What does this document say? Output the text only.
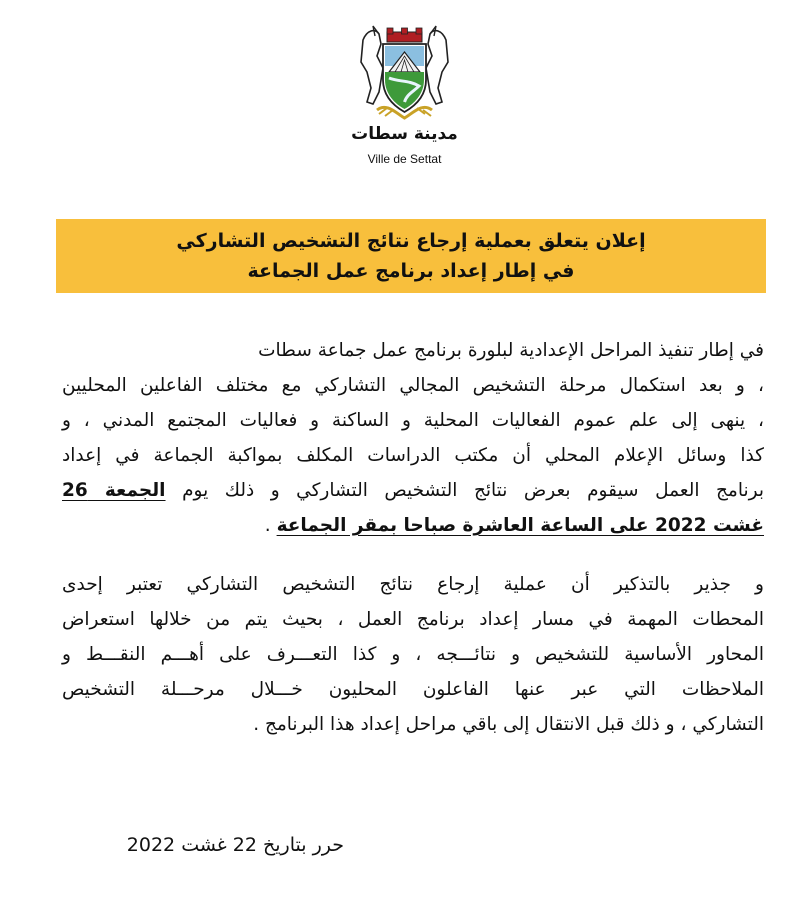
مدينة سطات
Ville de Settat
إعلان يتعلق بعملية إرجاع نتائج التشخيص التشاركي
في إطار إعداد برنامج عمل الجماعة
في إطار تنفيذ المراحل الإعدادية لبلورة برنامج عمل جماعة سطات
، و بعد استكمال مرحلة التشخيص المجالي التشاركي مع مختلف الفاعلين المحليين
، ينهى إلى علم عموم الفعاليات المحلية و الساكنة و فعاليات المجتمع المدني ، و
كذا وسائل الإعلام المحلي أن مكتب الدراسات المكلف بمواكبة الجماعة في إعداد
برنامج العمل سيقوم بعرض نتائج التشخيص التشاركي و ذلك يوم الجمعة 26
غشت 2022 على الساعة العاشرة صباحا بمقر الجماعة .
و جذير بالتذكير أن عملية إرجاع نتائج التشخيص التشاركي تعتبر إحدى
المحطات المهمة في مسار إعداد برنامج العمل ، بحيث يتم من خلالها استعراض
المحاور الأساسية للتشخيص و نتائـــجه ، و كذا التعـــرف على أهـــم النقـــط و
الملاحظات التي عبر عنها الفاعلون المحليون خـــلال مرحـــلة التشخيص
التشاركي ، و ذلك قبل الانتقال إلى باقي مراحل إعداد هذا البرنامج .
حرر بتاريخ 22 غشت 2022
